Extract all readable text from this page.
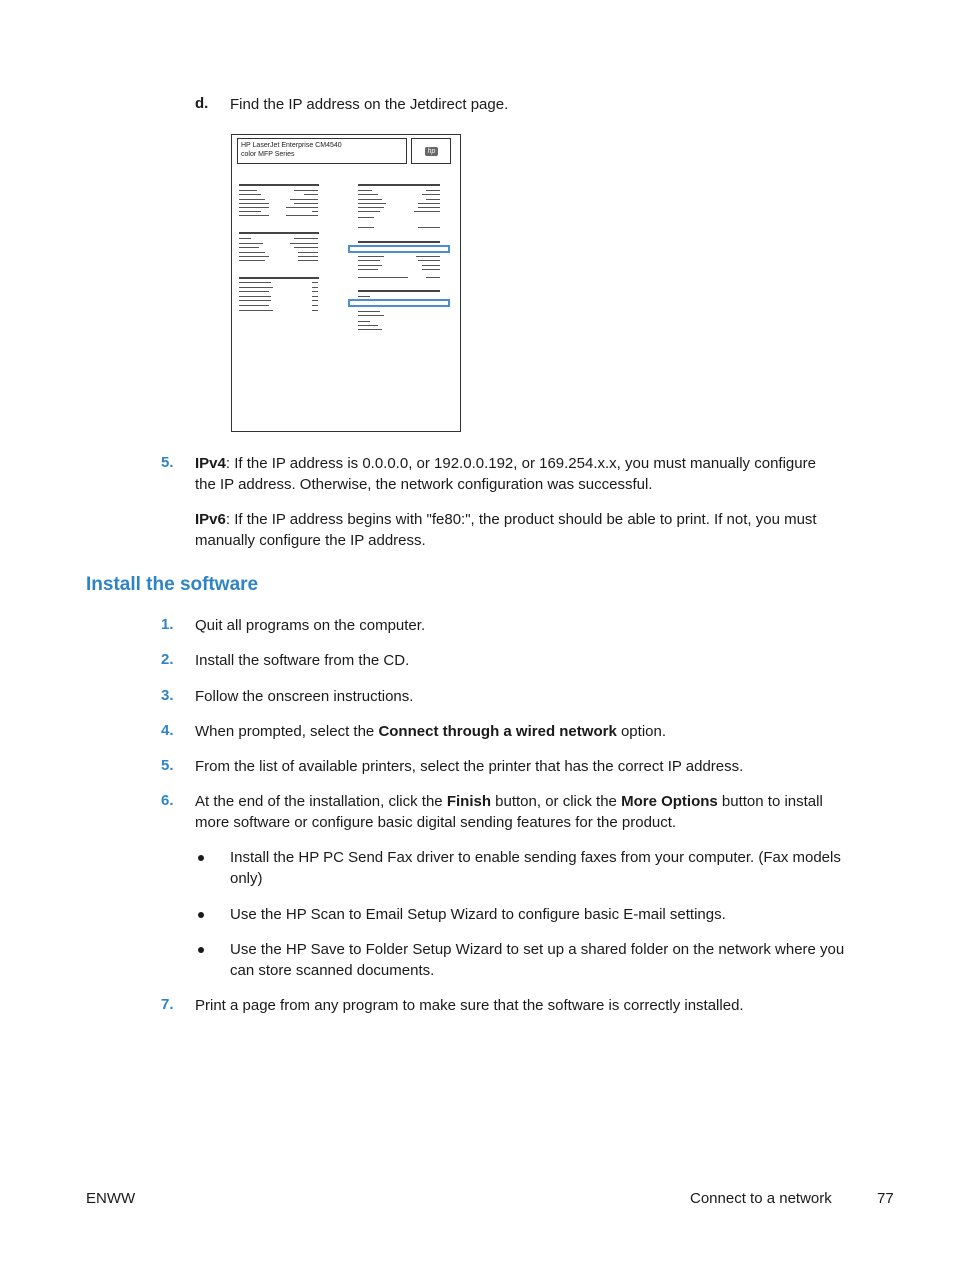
d. Find the IP address on the Jetdirect page.
HP LaserJet Enterprise CM4540
color MFP Series	hp
5. IPv4: If the IP address is 0.0.0.0, or 192.0.0.192, or 169.254.x.x, you must manually configure
the IP address. Otherwise, the network configuration was successful.
IPv6: If the IP address begins with "fe80:", the product should be able to print. If not, you must
manually configure the IP address.
Install the software
1. Quit all programs on the computer.
2. Install the software from the CD.
3. Follow the onscreen instructions.
4. When prompted, select the Connect through a wired network option.
5. From the list of available printers, select the printer that has the correct IP address.
6. At the end of the installation, click the Finish button, or click the More Options button to install
more software or configure basic digital sending features for the product.
Install the HP PC Send Fax driver to enable sending faxes from your computer. (Fax models
only)
Use the HP Scan to Email Setup Wizard to configure basic E-mail settings.
Use the HP Save to Folder Setup Wizard to set up a shared folder on the network where you
can store scanned documents.
7. Print a page from any program to make sure that the software is correctly installed.
ENWW	Connect to a network	77
